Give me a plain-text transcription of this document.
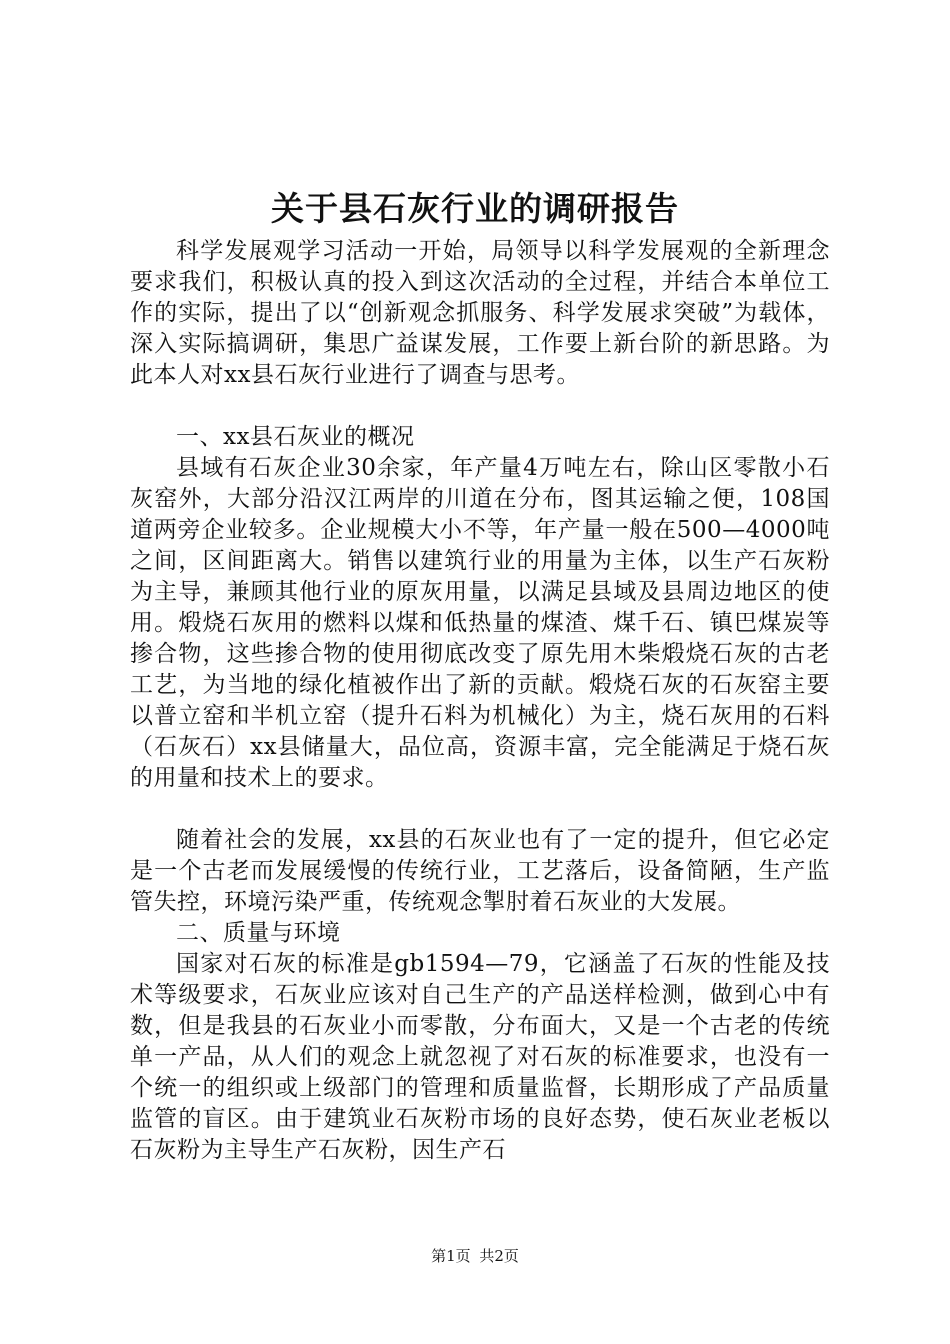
关于县石灰行业的调研报告

科学发展观学习活动一开始，局领导以科学发展观的全新理念要求我们，积极认真的投入到这次活动的全过程，并结合本单位工作的实际，提出了以“创新观念抓服务、科学发展求突破”为载体，深入实际搞调研，集思广益谋发展，工作要上新台阶的新思路。为此本人对xx县石灰行业进行了调查与思考。

一、xx县石灰业的概况

县域有石灰企业30余家，年产量4万吨左右，除山区零散小石灰窑外，大部分沿汉江两岸的川道在分布，图其运输之便，108国道两旁企业较多。企业规模大小不等，年产量一般在500—4000吨之间，区间距离大。销售以建筑行业的用量为主体，以生产石灰粉为主导，兼顾其他行业的原灰用量，以满足县域及县周边地区的使用。煅烧石灰用的燃料以煤和低热量的煤渣、煤千石、镇巴煤炭等掺合物，这些掺合物的使用彻底改变了原先用木柴煅烧石灰的古老工艺，为当地的绿化植被作出了新的贡献。煅烧石灰的石灰窑主要以普立窑和半机立窑（提升石料为机械化）为主，烧石灰用的石料（石灰石）xx县储量大，品位高，资源丰富，完全能满足于烧石灰的用量和技术上的要求。

随着社会的发展，xx县的石灰业也有了一定的提升，但它必定是一个古老而发展缓慢的传统行业，工艺落后，设备简陋，生产监管失控，环境污染严重，传统观念掣肘着石灰业的大发展。

二、质量与环境

国家对石灰的标准是gb1594—79，它涵盖了石灰的性能及技术等级要求，石灰业应该对自己生产的产品送样检测，做到心中有数，但是我县的石灰业小而零散，分布面大，又是一个古老的传统单一产品，从人们的观念上就忽视了对石灰的标准要求，也没有一个统一的组织或上级部门的管理和质量监督，长期形成了产品质量监管的盲区。由于建筑业石灰粉市场的良好态势，使石灰业老板以石灰粉为主导生产石灰粉，因生产石

第1页 共2页
